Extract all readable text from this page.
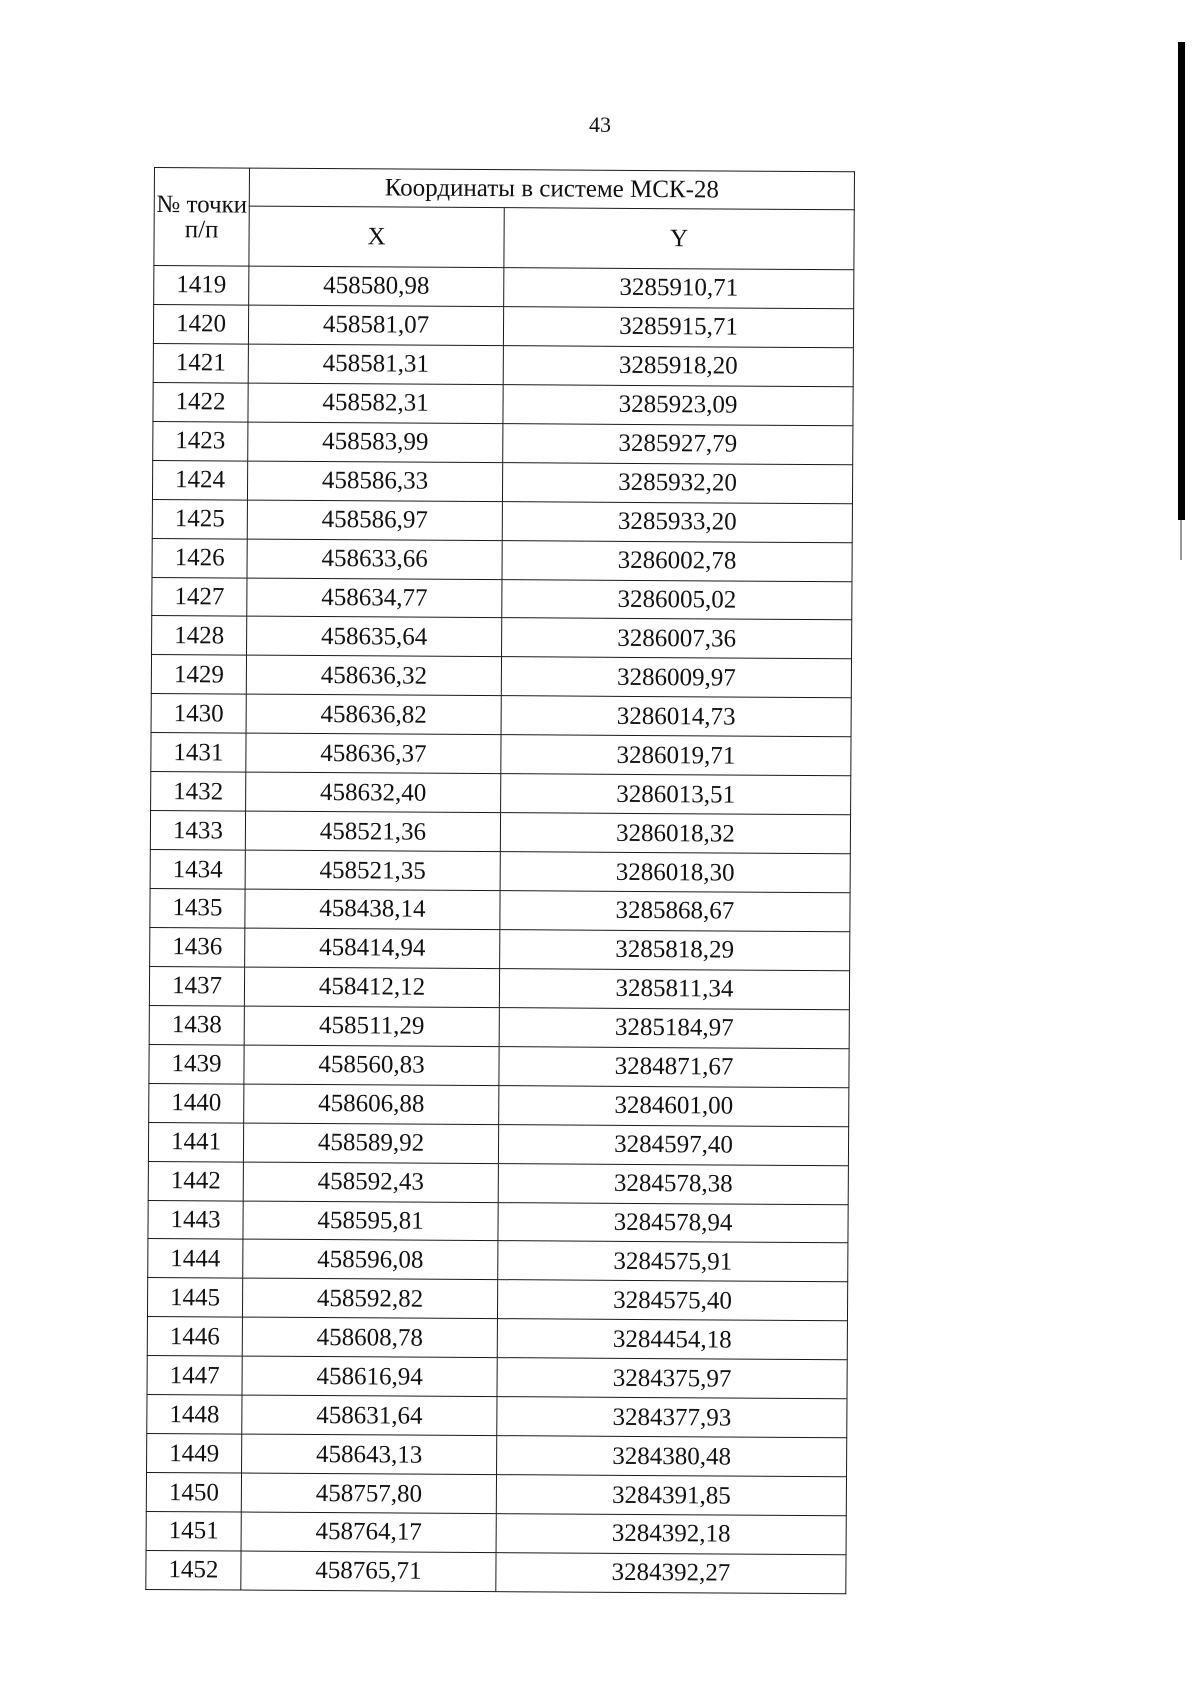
43
№ точки п/п	Координаты в системе МСК-28	
	X	Y
1419	458580,98	3285910,71
1420	458581,07	3285915,71
1421	458581,31	3285918,20
1422	458582,31	3285923,09
1423	458583,99	3285927,79
1424	458586,33	3285932,20
1425	458586,97	3285933,20
1426	458633,66	3286002,78
1427	458634,77	3286005,02
1428	458635,64	3286007,36
1429	458636,32	3286009,97
1430	458636,82	3286014,73
1431	458636,37	3286019,71
1432	458632,40	3286013,51
1433	458521,36	3286018,32
1434	458521,35	3286018,30
1435	458438,14	3285868,67
1436	458414,94	3285818,29
1437	458412,12	3285811,34
1438	458511,29	3285184,97
1439	458560,83	3284871,67
1440	458606,88	3284601,00
1441	458589,92	3284597,40
1442	458592,43	3284578,38
1443	458595,81	3284578,94
1444	458596,08	3284575,91
1445	458592,82	3284575,40
1446	458608,78	3284454,18
1447	458616,94	3284375,97
1448	458631,64	3284377,93
1449	458643,13	3284380,48
1450	458757,80	3284391,85
1451	458764,17	3284392,18
1452	458765,71	3284392,27
